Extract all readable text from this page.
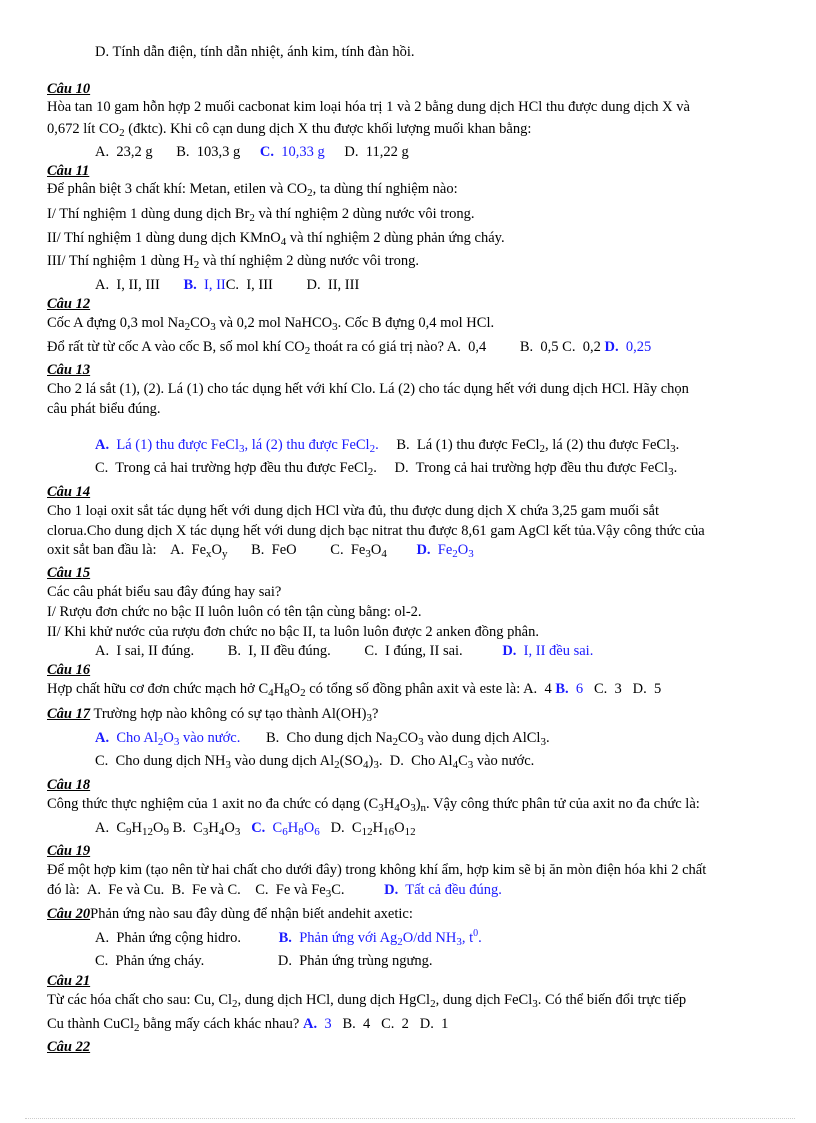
D. Tính dẫn điện, tính dẫn nhiệt, ánh kim, tính đàn hồi.
Câu 10
Hòa tan 10 gam hỗn hợp 2 muối cacbonat kim loại hóa trị 1 và 2 bằng dung dịch HCl thu được dung dịch X và
0,672 lít $CO_2$ (đktc). Khi cô cạn dung dịch X thu được khối lượng muối khan bằng:
A. 23,2 g B. 103,3 g C. 10,33 g D. 11,22 g
Câu 11
Để phân biệt 3 chất khí: Metan, etilen và $CO_2$, ta dùng thí nghiệm nào:
I/ Thí nghiệm 1 dùng dung dịch $Br_2$ và thí nghiệm 2 dùng nước vôi trong.
II/ Thí nghiệm 1 dùng dung dịch KMnO$_4$ và thí nghiệm 2 dùng phản ứng cháy.
III/ Thí nghiệm 1 dùng $H_2$ và thí nghiệm 2 dùng nước vôi trong.
A. I, II, III B. I, IIC. I, III D. II, III
Câu 12
Cốc A đựng 0,3 mol $Na_2CO_3$ và 0,2 mol NaHCO$_3$. Cốc B đựng 0,4 mol HCl.
Đổ rất từ từ cốc A vào cốc B, số mol khí $CO_2$ thoát ra có giá trị nào? A. 0,4 B. 0,5 C. 0,2 D. 0,25
Câu 13
Cho 2 lá sắt (1), (2). Lá (1) cho tác dụng hết với khí Clo. Lá (2) cho tác dụng hết với dung dịch HCl. Hãy chọn
câu phát biểu đúng.
A. Lá (1) thu được FeCl$_3$, lá (2) thu được FeCl$_2$. B. Lá (1) thu được FeCl$_2$, lá (2) thu được FeCl$_3$.
C. Trong cả hai trường hợp đều thu được FeCl$_2$. D. Trong cả hai trường hợp đều thu được FeCl$_3$.
Câu 14
Cho 1 loại oxit sắt tác dụng hết với dung dịch HCl vừa đủ, thu được dung dịch X chứa 3,25 gam muối sắt
clorua.Cho dung dịch X tác dụng hết với dung dịch bạc nitrat thu được 8,61 gam AgCl kết tủa.Vậy công thức của
oxit sắt ban đầu là: A. $Fe_xO_y$ B. FeO C. $Fe_3O_4$ D. $Fe_2O_3$
Câu 15
Các câu phát biểu sau đây đúng hay sai?
I/ Rượu đơn chức no bậc II luôn luôn có tên tận cùng bằng: ol-2.
II/ Khi khử nước của rượu đơn chức no bậc II, ta luôn luôn được 2 anken đồng phân.
A. I sai, II đúng. B. I, II đều đúng. C. I đúng, II sai.	D. I, II đều sai.
Câu 16
Hợp chất hữu cơ đơn chức mạch hở $C_4H_8O_2$ có tổng số đồng phân axit và este là: A. 4 B. 6 C. 3 D. 5
Câu 17 Trường hợp nào không có sự tạo thành $Al(OH)_3$?
A. Cho $Al_2O_3$ vào nước. B. Cho dung dịch $Na_2CO_3$ vào dung dịch AlCl$_3$.
C. Cho dung dịch $NH_3$ vào dung dịch $Al_2(SO_4)_3$. D. Cho $Al_4C_3$ vào nước.
Câu 18
Công thức thực nghiệm của 1 axit no đa chức có dạng $(C_3H_4O_3)_n$. Vậy công thức phân tử của axit no đa chức là:
A. $C_9H_{12}O_9$ B. $C_3H_4O_3$ C. $C_6H_8O_6$ D. $C_{12}H_{16}O_{12}$
Câu 19
Để một hợp kim (tạo nên từ hai chất cho dưới đây) trong không khí ẩm, hợp kim sẽ bị ăn mòn điện hóa khi 2 chất
đó là: A. Fe và Cu. B. Fe và C. C. Fe và $Fe_3C$.	D. Tất cả đều đúng.
Câu 20Phản ứng nào sau đây dùng để nhận biết andehit axetic:
A. Phản ứng cộng hidro.	B. Phản ứng với $Ag_2O/dd$ $NH_3$, $t^0$.
C. Phản ứng cháy.	D. Phản ứng trùng ngưng.
Câu 21
Từ các hóa chất cho sau: Cu, $Cl_2$, dung dịch HCl, dung dịch HgCl$_2$, dung dịch FeCl$_3$. Có thể biến đổi trực tiếp
Cu thành CuCl$_2$ bằng mấy cách khác nhau? A. 3 B. 4 C. 2 D. 1
Câu 22
